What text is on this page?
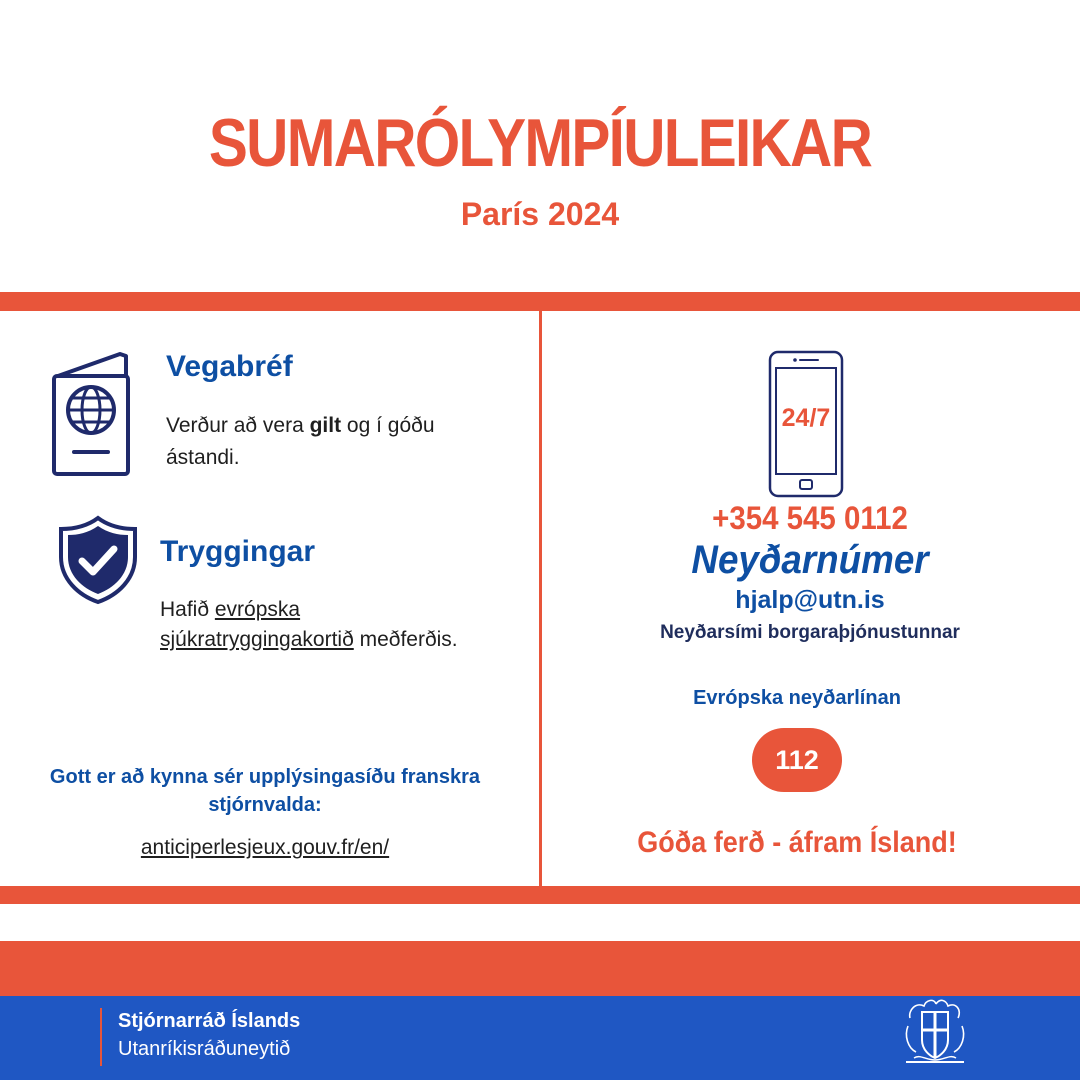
SUMARÓLYMPÍULEIKAR
París 2024
Vegabréf
Verður að vera gilt og í góðu ástandi.
Tryggingar
Hafið evrópska sjúkratryggingakortið meðferðis.
Gott er að kynna sér upplýsingasíðu franskra stjórnvalda:
anticiperlesjeux.gouv.fr/en/
24/7
+354 545 0112
Neyðarnúmer
hjalp@utn.is
Neyðarsími borgaraþjónustunnar
Evrópska neyðarlínan
112
Góða ferð - áfram Ísland!
Stjórnarráð Íslands
Utanríkisráðuneytið
